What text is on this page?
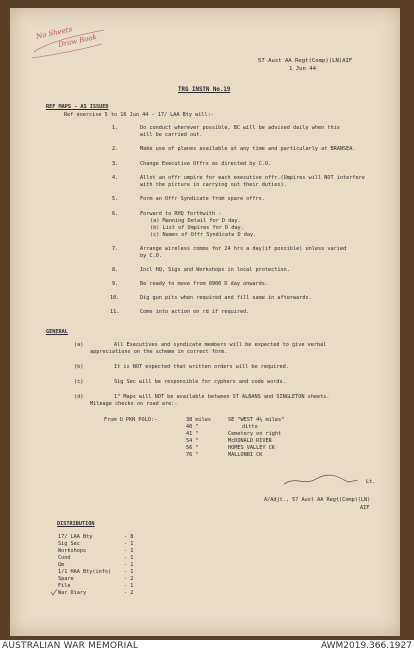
No Sheets
Draw Book
57 Aust AA Regt(Comp)(LN)AIF
1 Jun 44
TRG INSTN No.19
REF MAPS - AS ISSUED
Ref exercise 5 to 16 Jun 44 - 17/ LAA Bty will:-
1.	Do conduct wherever possible, BC will be advised daily when this
will be carried out.
2.	Make use of planes available at any time and particularly at BRANSEA.
3.	Change Executive Offrs as directed by C.O.
4.	Allot an offr umpire for each executive offr.(Umpires will NOT interfere
with the picture in carrying out their duties).
5.	Form an Offr Syndicate from spare offrs.
6.	Forward to RHQ forthwith -
(a) Manning Detail for D day.
(b) List of Umpires for D day.
(c) Names of Offr Syndicate D day.
7.	Arrange wireless comms for 24 hrs a day(if possible) unless varied
by C.O.
8.	Incl HQ, Sigs and Workshops in local protection.
9.	Be ready to move from 0900 D day onwards.
10.	Dig gun pits when required and fill same in afterwards.
11.	Come into action on rd if required.
GENERAL
(a)	All Executives and syndicate members will be expected to give verbal
appreciations on the scheme in correct form.
(b)	It is NOT expected that written orders will be required.
(c)	Sig Sec will be responsible for cyphers and code words.
(d)	1" Maps will NOT be available between ST ALBANS and SINGLETON sheets.
Mileage checks on road are:-
From U PKN POLO:-	38 miles	SE "WEST 4½ miles"
40 "	ditto
41 "	Cemetery on right
54 "	McDONALD RIVER
56 "	HOMES VALLEY CK
76 "	MALLONBI CK
Lt.
A/Adjt., 57 Aust AA Regt(Comp)(LN)
AIF
DISTRIBUTION
17/ LAA Bty	- 8
Sig Sec	- 1
Workshops	- 1
Cond	- 1
Qm	- 1
1/1 HAA Bty(info) - 1
Spare	- 2
File	- 1
War Diary	- 2
AUSTRALIAN WAR MEMORIAL	AWM2019.366.1927
